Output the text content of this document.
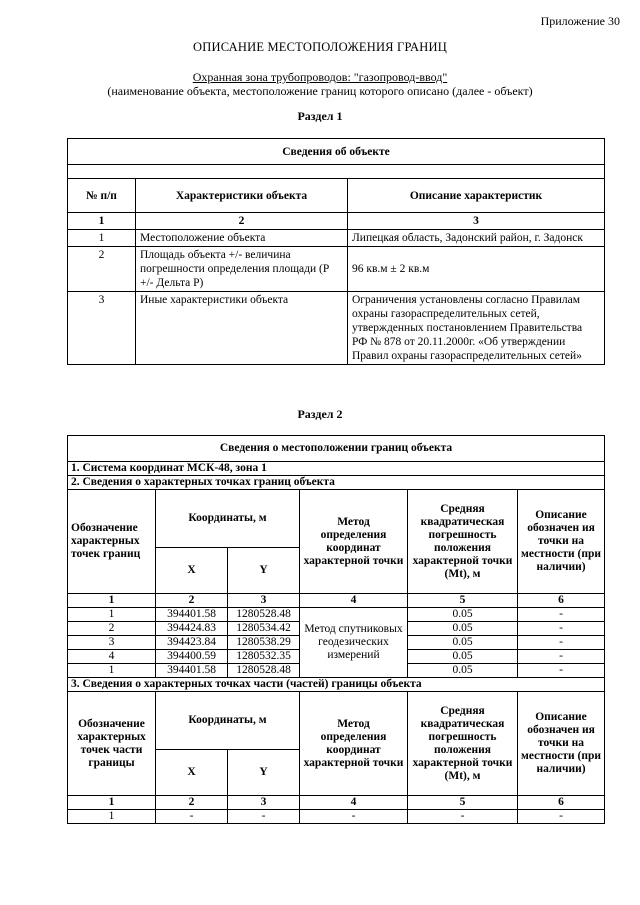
Приложение 30
ОПИСАНИЕ МЕСТОПОЛОЖЕНИЯ ГРАНИЦ
Охранная зона трубопроводов: "газопровод-ввод"
(наименование объекта, местоположение границ которого описано (далее - объект)
Раздел 1
Сведения об объекте		

№ п/п	Характеристики объекта	Описание характеристик
1	2	3
1	Местоположение объекта	Липецкая область, Задонский район, г. Задонск
2	Площадь объекта +/- величина погрешности определения площади (Р +/- Дельта Р)	96 кв.м ± 2 кв.м
3	Иные характеристики объекта	Ограничения установлены согласно Правилам охраны газораспределительных сетей, утвержденных постановлением Правительства РФ № 878 от 20.11.2000г. «Об утверждении Правил охраны газораспределительных сетей»
Раздел 2
Сведения о местоположении границ объекта					
1. Система координат МСК-48, зона 1					
2. Сведения о характерных точках границ объекта					
Обозначение характерных точек границ	Координаты, м		Метод определения координат характерной точки	Средняя квадратическая погрешность положения характерной точки (Mt), м	Описание обозначен ия точки на местности (при наличии)
	X	Y			
1	2	3	4	5	6
1	394401.58	1280528.48	Метод спутниковых геодезических измерений	0.05	-
2	394424.83	1280534.42		0.05	-
3	394423.84	1280538.29		0.05	-
4	394400.59	1280532.35		0.05	-
1	394401.58	1280528.48		0.05	-
3. Сведения о характерных точках части (частей) границы объекта					
Обозначение характерных точек части границы	Координаты, м		Метод определения координат характерной точки	Средняя квадратическая погрешность положения характерной точки (Mt), м	Описание обозначен ия точки на местности (при наличии)
	X	Y			
1	2	3	4	5	6
1	-	-	-	-	-
